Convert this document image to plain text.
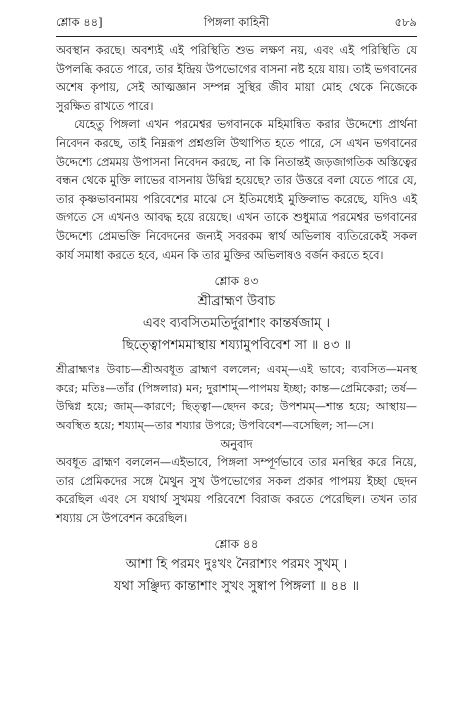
শ্লোক ৪৪]	পিঙ্গলা কাহিনী	৫৮৯

অবস্থান করছে। অবশ্যই এই পরিস্থিতি শুভ লক্ষণ নয়, এবং এই পরিস্থিতি যে উপলব্ধি করতে পারে, তার ইন্দ্রিয় উপভোগের বাসনা নষ্ট হয়ে যায়। তাই ভগবানের অশেষ কৃপায়, সেই আত্মজ্ঞান সম্পন্ন সুস্থির জীব মায়া মোহ থেকে নিজেকে সুরক্ষিত রাখতে পারে।

যেহেতু পিঙ্গলা এখন পরমেশ্বর ভগবানকে মহিমান্বিত করার উদ্দেশ্যে প্রার্থনা নিবেদন করছে, তাই নিম্নরূপ প্রশ্নগুলি উত্থাপিত হতে পারে, সে এখন ভগবানের উদ্দেশ্যে প্রেমময় উপাসনা নিবেদন করছে, না কি নিতান্তই জড়জাগতিক অস্তিত্বের বন্ধন থেকে মুক্তি লাভের বাসনায় উদ্বিগ্ন হয়েছে? তার উত্তরে বলা যেতে পারে যে, তার কৃষ্ণভাবনাময় পরিবেশের মাঝে সে ইতিমধ্যেই মুক্তিলাভ করেছে, যদিও এই জগতে সে এখনও আবদ্ধ হয়ে রয়েছে। এখন তাকে শুধুমাত্র পরমেশ্বর ভগবানের উদ্দেশ্যে প্রেমভক্তি নিবেদনের জন্যই সবরকম স্বার্থ অভিলাষ ব্যতিরেকেই সকল কার্য সমাধা করতে হবে, এমন কি তার মুক্তির অভিলাষও বর্জন করতে হবে।

শ্লোক ৪৩

শ্রীব্রাহ্মণ উবাচ

এবং ব্যবসিতমতির্দুরাশাং কান্তর্ষজাম্ ।

ছিত্ত্বোপশমমাস্থায় শয্যামুপবিবেশ সা ॥ ৪৩ ॥

শ্রীব্রাহ্মণঃ উবাচ—শ্রীঅবধূত ব্রাহ্মণ বললেন; এবম্—এই ভাবে; ব্যবসিত—মনস্থ করে; মতিঃ—তাঁর (পিঙ্গলার) মন; দুরাশাম্—পাপময় ইচ্ছা; কান্ত—প্রেমিকেরা; তর্ষ—উদ্বিগ্ন হয়ে; জাম্—কারণে; ছিত্ত্বা—ছেদন করে; উপশমম্—শান্ত হয়ে; আস্থায়—অবস্থিত হয়ে; শয্যাম্—তার শয্যার উপরে; উপবিবেশ—বসেছিল; সা—সে।

অনুবাদ

অবধূত ব্রাহ্মণ বললেন—এইভাবে, পিঙ্গলা সম্পূর্ণভাবে তার মনস্থির করে নিয়ে, তার প্রেমিকদের সঙ্গে মৈথুন সুখ উপভোগের সকল প্রকার পাপময় ইচ্ছা ছেদন করেছিল এবং সে যথার্থ সুখময় পরিবেশে বিরাজ করতে পেরেছিল। তখন তার শয্যায় সে উপবেশন করেছিল।

শ্লোক ৪৪

আশা হি পরমং দুঃখং নৈরাশ্যং পরমং সুখম্ ।

যথা সঞ্ছিদ্য কান্তাশাং সুখং সুষ্বাপ পিঙ্গলা ॥ ৪৪ ॥
